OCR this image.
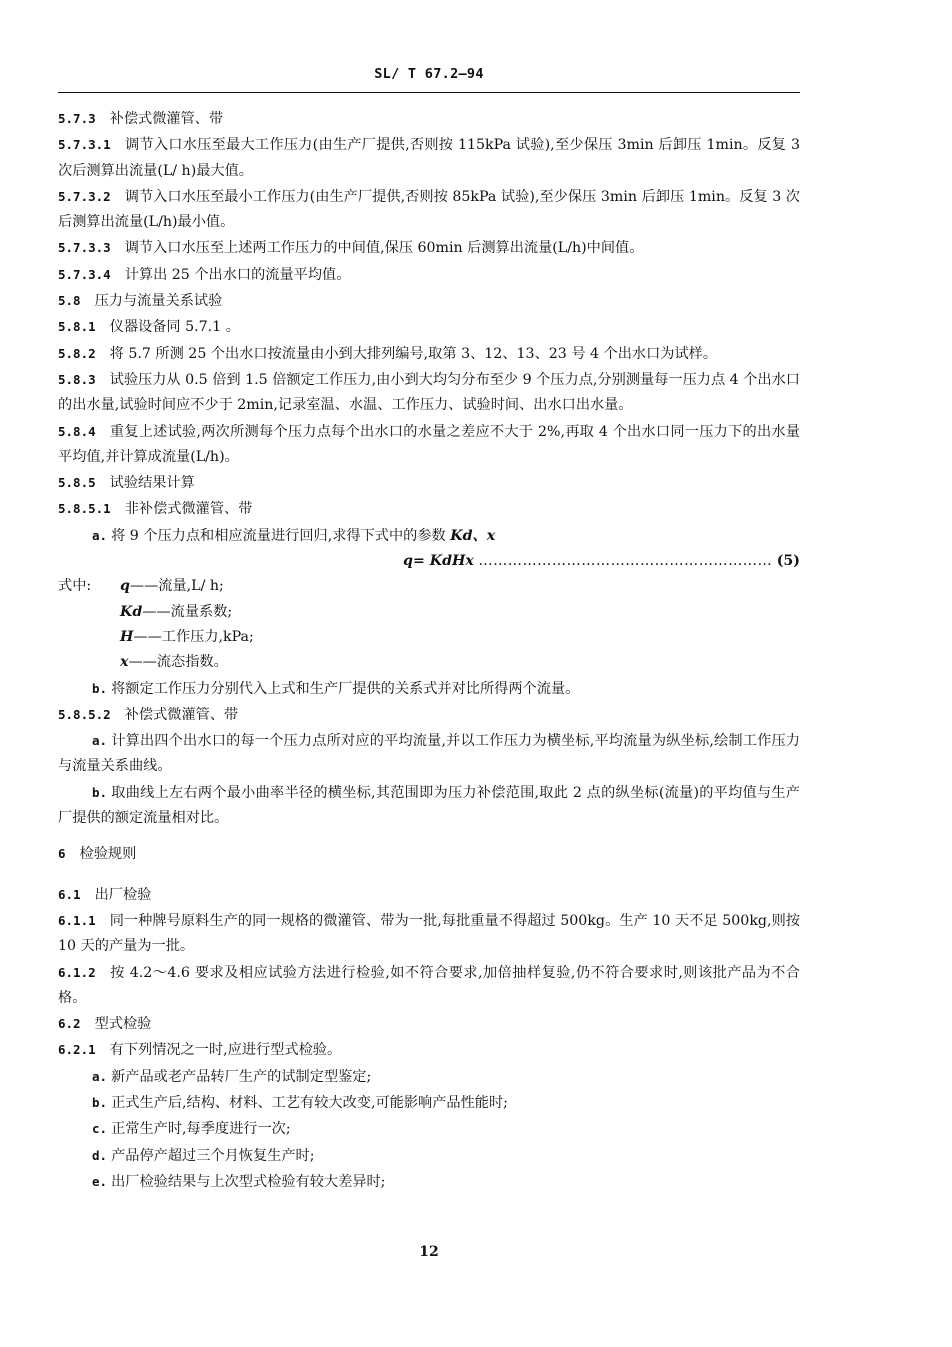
SL/ T 67.2—94

5.7.3 补偿式微灌管、带

5.7.3.1 调节入口水压至最大工作压力(由生产厂提供,否则按 115kPa 试验),至少保压 3min 后卸压 1min。反复 3 次后测算出流量(L/ h)最大值。

5.7.3.2 调节入口水压至最小工作压力(由生产厂提供,否则按 85kPa 试验),至少保压 3min 后卸压 1min。反复 3 次后测算出流量(L/h)最小值。

5.7.3.3 调节入口水压至上述两工作压力的中间值,保压 60min 后测算出流量(L/h)中间值。

5.7.3.4 计算出 25 个出水口的流量平均值。

5.8 压力与流量关系试验

5.8.1 仪器设备同 5.7.1 。

5.8.2 将 5.7 所测 25 个出水口按流量由小到大排列编号,取第 3、12、13、23 号 4 个出水口为试样。

5.8.3 试验压力从 0.5 倍到 1.5 倍额定工作压力,由小到大均匀分布至少 9 个压力点,分别测量每一压力点 4 个出水口的出水量,试验时间应不少于 2min,记录室温、水温、工作压力、试验时间、出水口出水量。

5.8.4 重复上述试验,两次所测每个压力点每个出水口的水量之差应不大于 2%,再取 4 个出水口同一压力下的出水量平均值,并计算成流量(L/h)。

5.8.5 试验结果计算

5.8.5.1 非补偿式微灌管、带

a. 将 9 个压力点和相应流量进行回归,求得下式中的参数 Kd、x

q= KdHx …………………………………………………… (5)

式中:	q ——流量,L/ h;
Kd——流量系数;
H——工作压力,kPa;
x——流态指数。

b. 将额定工作压力分别代入上式和生产厂提供的关系式并对比所得两个流量。

5.8.5.2 补偿式微灌管、带

a. 计算出四个出水口的每一个压力点所对应的平均流量,并以工作压力为横坐标,平均流量为纵坐标,绘制工作压力与流量关系曲线。

b. 取曲线上左右两个最小曲率半径的横坐标,其范围即为压力补偿范围,取此 2 点的纵坐标(流量)的平均值与生产厂提供的额定流量相对比。

6 检验规则

6.1 出厂检验

6.1.1 同一种牌号原料生产的同一规格的微灌管、带为一批,每批重量不得超过 500kg。生产 10 天不足 500kg,则按 10 天的产量为一批。

6.1.2 按 4.2～4.6 要求及相应试验方法进行检验,如不符合要求,加倍抽样复验,仍不符合要求时,则该批产品为不合格。

6.2 型式检验

6.2.1 有下列情况之一时,应进行型式检验。

a. 新产品或老产品转厂生产的试制定型鉴定;

b. 正式生产后,结构、材料、工艺有较大改变,可能影响产品性能时;

c. 正常生产时,每季度进行一次;

d. 产品停产超过三个月恢复生产时;

e. 出厂检验结果与上次型式检验有较大差异时;

12
